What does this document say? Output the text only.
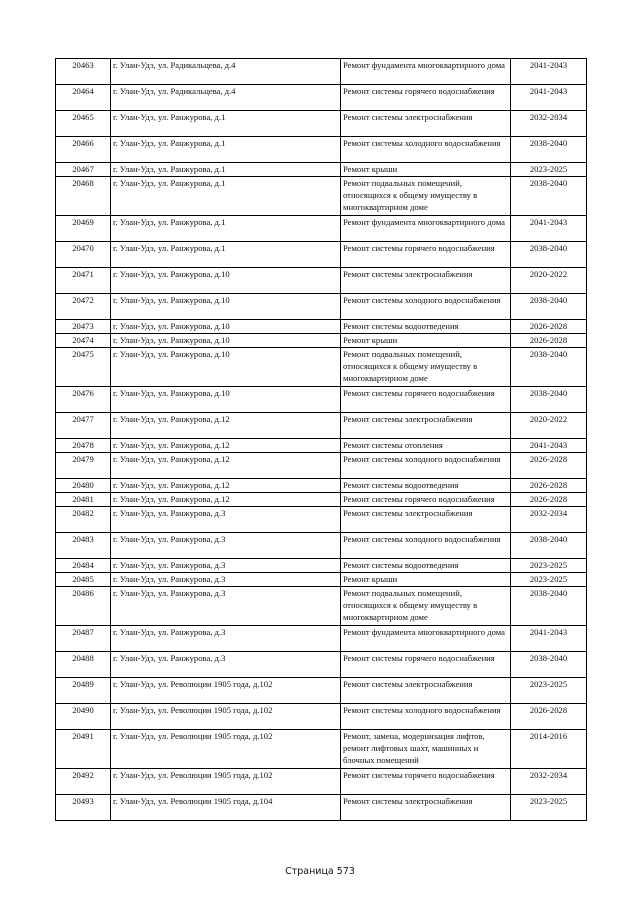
20463	г. Улан-Удэ, ул. Радикальцева, д.4	Ремонт фундамента многоквартирного дома	2041-2043
20464	г. Улан-Удэ, ул. Радикальцева, д.4	Ремонт системы горячего водоснабжения	2041-2043
20465	г. Улан-Удэ, ул. Ранжурова, д.1	Ремонт системы электроснабжения	2032-2034
20466	г. Улан-Удэ, ул. Ранжурова, д.1	Ремонт системы холодного водоснабжения	2038-2040
20467	г. Улан-Удэ, ул. Ранжурова, д.1	Ремонт крыши	2023-2025
20468	г. Улан-Удэ, ул. Ранжурова, д.1	Ремонт подвальных помещений, относящихся к общему имуществу в многоквартирном доме	2038-2040
20469	г. Улан-Удэ, ул. Ранжурова, д.1	Ремонт фундамента многоквартирного дома	2041-2043
20470	г. Улан-Удэ, ул. Ранжурова, д.1	Ремонт системы горячего водоснабжения	2038-2040
20471	г. Улан-Удэ, ул. Ранжурова, д.10	Ремонт системы электроснабжения	2020-2022
20472	г. Улан-Удэ, ул. Ранжурова, д.10	Ремонт системы холодного водоснабжения	2038-2040
20473	г. Улан-Удэ, ул. Ранжурова, д.10	Ремонт системы водоотведения	2026-2028
20474	г. Улан-Удэ, ул. Ранжурова, д.10	Ремонт крыши	2026-2028
20475	г. Улан-Удэ, ул. Ранжурова, д.10	Ремонт подвальных помещений, относящихся к общему имуществу в многоквартирном доме	2038-2040
20476	г. Улан-Удэ, ул. Ранжурова, д.10	Ремонт системы горячего водоснабжения	2038-2040
20477	г. Улан-Удэ, ул. Ранжурова, д.12	Ремонт системы электроснабжения	2020-2022
20478	г. Улан-Удэ, ул. Ранжурова, д.12	Ремонт системы отопления	2041-2043
20479	г. Улан-Удэ, ул. Ранжурова, д.12	Ремонт системы холодного водоснабжения	2026-2028
20480	г. Улан-Удэ, ул. Ранжурова, д.12	Ремонт системы водоотведения	2026-2028
20481	г. Улан-Удэ, ул. Ранжурова, д.12	Ремонт системы горячего водоснабжения	2026-2028
20482	г. Улан-Удэ, ул. Ранжурова, д.3	Ремонт системы электроснабжения	2032-2034
20483	г. Улан-Удэ, ул. Ранжурова, д.3	Ремонт системы холодного водоснабжения	2038-2040
20484	г. Улан-Удэ, ул. Ранжурова, д.3	Ремонт системы водоотведения	2023-2025
20485	г. Улан-Удэ, ул. Ранжурова, д.3	Ремонт крыши	2023-2025
20486	г. Улан-Удэ, ул. Ранжурова, д.3	Ремонт подвальных помещений, относящихся к общему имуществу в многоквартирном доме	2038-2040
20487	г. Улан-Удэ, ул. Ранжурова, д.3	Ремонт фундамента многоквартирного дома	2041-2043
20488	г. Улан-Удэ, ул. Ранжурова, д.3	Ремонт системы горячего водоснабжения	2038-2040
20489	г. Улан-Удэ, ул. Революции 1905 года, д.102	Ремонт системы электроснабжения	2023-2025
20490	г. Улан-Удэ, ул. Революции 1905 года, д.102	Ремонт системы холодного водоснабжения	2026-2028
20491	г. Улан-Удэ, ул. Революции 1905 года, д.102	Ремонт, замена, модернизация лифтов, ремонт лифтовых шахт, машинных и блочных помещений	2014-2016
20492	г. Улан-Удэ, ул. Революции 1905 года, д.102	Ремонт системы горячего водоснабжения	2032-2034
20493	г. Улан-Удэ, ул. Революции 1905 года, д.104	Ремонт системы электроснабжения	2023-2025
Страница 573
